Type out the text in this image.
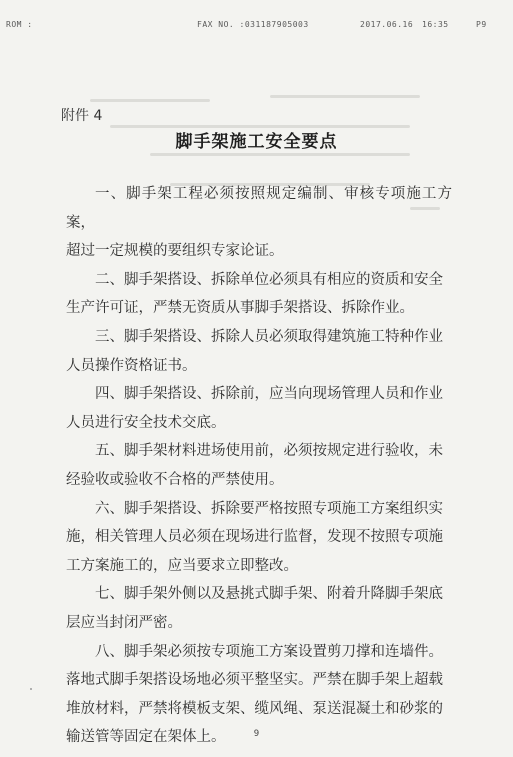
ROM :	FAX NO. :031187905003	2017.06.16 16:35	P9
附件 4
脚手架施工安全要点

一、脚手架工程必须按照规定编制、审核专项施工方案，
超过一定规模的要组织专家论证。

二、脚手架搭设、拆除单位必须具有相应的资质和安全
生产许可证，严禁无资质从事脚手架搭设、拆除作业。

三、脚手架搭设、拆除人员必须取得建筑施工特种作业
人员操作资格证书。

四、脚手架搭设、拆除前，应当向现场管理人员和作业
人员进行安全技术交底。

五、脚手架材料进场使用前，必须按规定进行验收，未
经验收或验收不合格的严禁使用。

六、脚手架搭设、拆除要严格按照专项施工方案组织实
施，相关管理人员必须在现场进行监督，发现不按照专项施
工方案施工的，应当要求立即整改。

七、脚手架外侧以及悬挑式脚手架、附着升降脚手架底
层应当封闭严密。

八、脚手架必须按专项施工方案设置剪刀撑和连墙件。
落地式脚手架搭设场地必须平整坚实。严禁在脚手架上超载
堆放材料，严禁将模板支架、缆风绳、泵送混凝土和砂浆的
输送管等固定在架体上。	9
